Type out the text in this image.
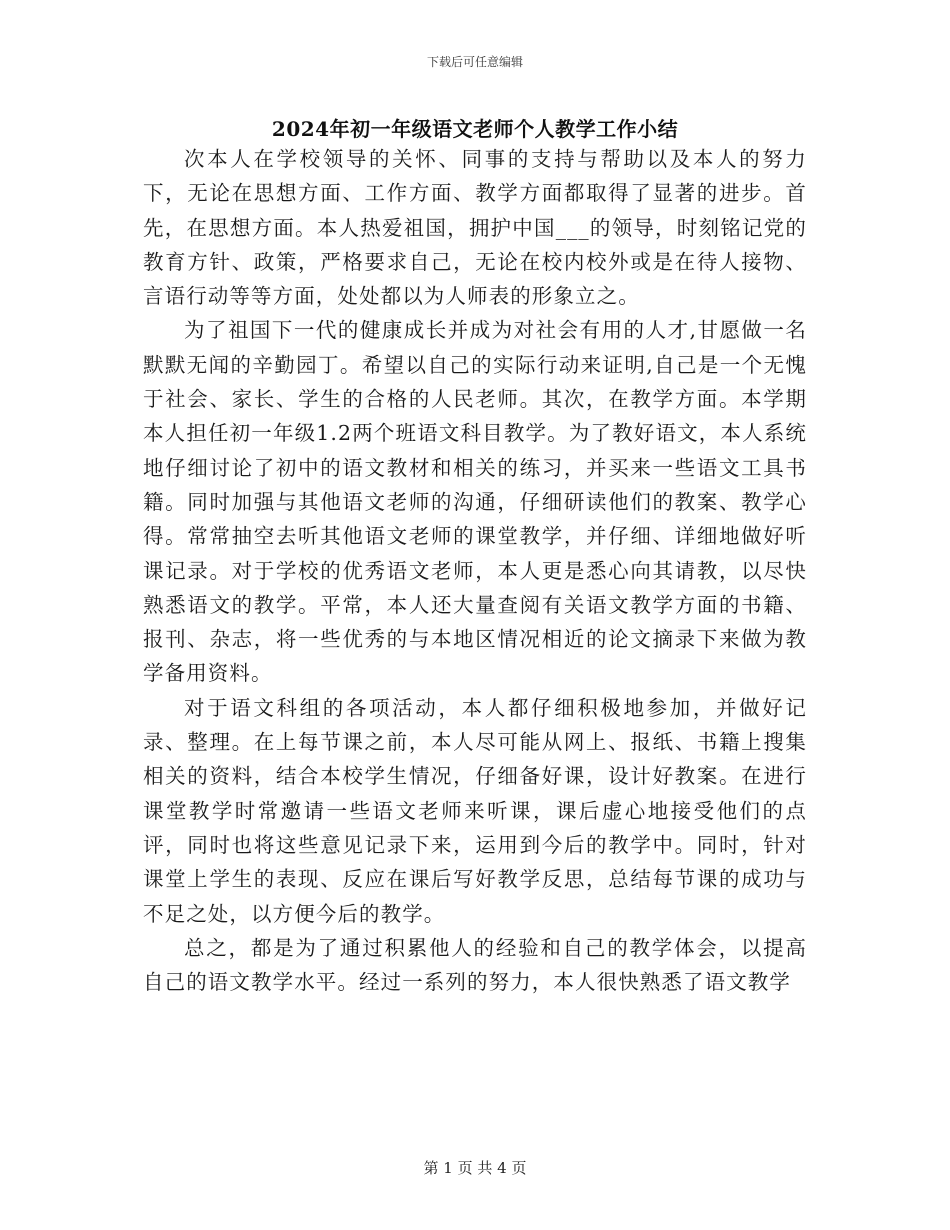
下载后可任意编辑
2024年初一年级语文老师个人教学工作小结

次本人在学校领导的关怀、同事的支持与帮助以及本人的努力下，无论在思想方面、工作方面、教学方面都取得了显著的进步。首先，在思想方面。本人热爱祖国，拥护中国___的领导，时刻铭记党的教育方针、政策，严格要求自己，无论在校内校外或是在待人接物、言语行动等等方面，处处都以为人师表的形象立之。

为了祖国下一代的健康成长并成为对社会有用的人才,甘愿做一名默默无闻的辛勤园丁。希望以自己的实际行动来证明,自己是一个无愧于社会、家长、学生的合格的人民老师。其次，在教学方面。本学期本人担任初一年级1.2两个班语文科目教学。为了教好语文，本人系统地仔细讨论了初中的语文教材和相关的练习，并买来一些语文工具书籍。同时加强与其他语文老师的沟通，仔细研读他们的教案、教学心得。常常抽空去听其他语文老师的课堂教学，并仔细、详细地做好听课记录。对于学校的优秀语文老师，本人更是悉心向其请教，以尽快熟悉语文的教学。平常，本人还大量查阅有关语文教学方面的书籍、报刊、杂志，将一些优秀的与本地区情况相近的论文摘录下来做为教学备用资料。

对于语文科组的各项活动，本人都仔细积极地参加，并做好记录、整理。在上每节课之前，本人尽可能从网上、报纸、书籍上搜集相关的资料，结合本校学生情况，仔细备好课，设计好教案。在进行课堂教学时常邀请一些语文老师来听课，课后虚心地接受他们的点评，同时也将这些意见记录下来，运用到今后的教学中。同时，针对课堂上学生的表现、反应在课后写好教学反思，总结每节课的成功与不足之处，以方便今后的教学。

总之，都是为了通过积累他人的经验和自己的教学体会，以提高自己的语文教学水平。经过一系列的努力，本人很快熟悉了语文教学

第 1 页 共 4 页
